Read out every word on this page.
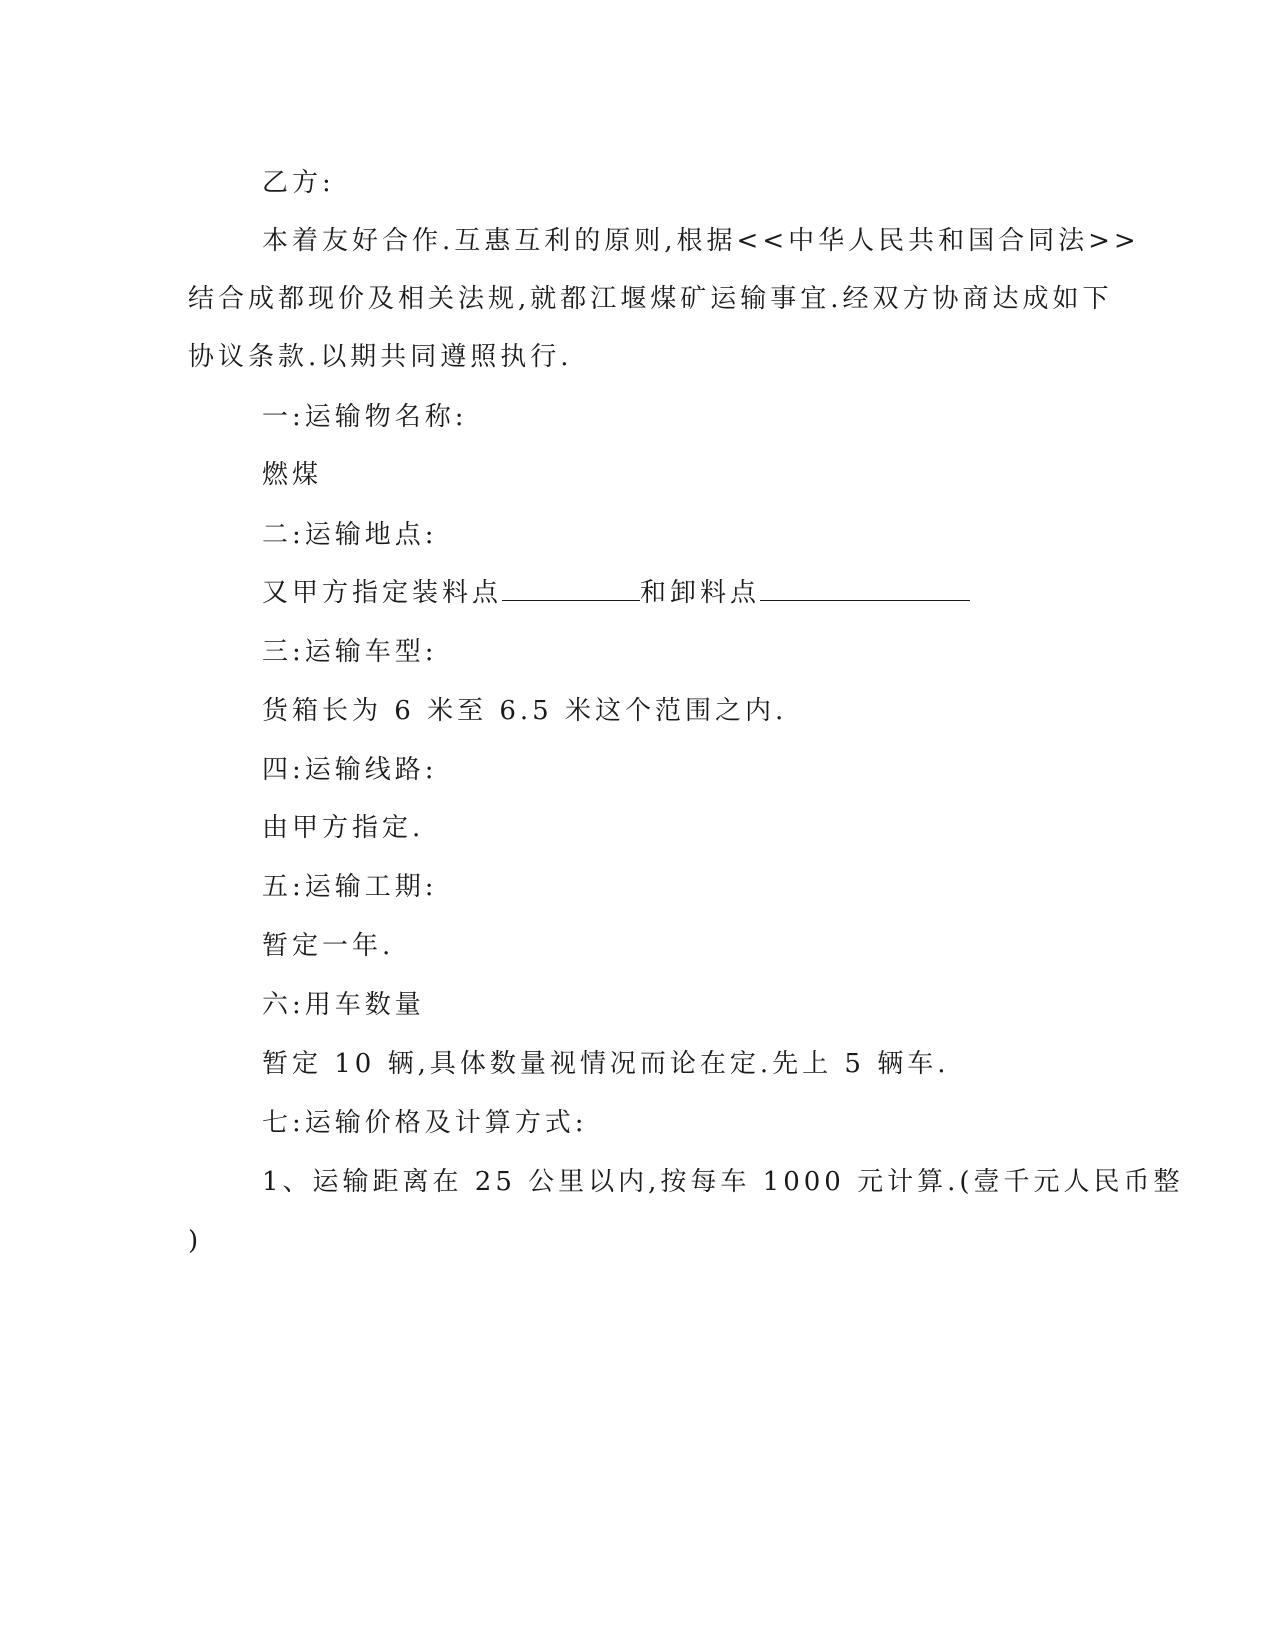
乙方:
本着友好合作.互惠互利的原则,根据<<中华人民共和国合同法>>
结合成都现价及相关法规,就都江堰煤矿运输事宜.经双方协商达成如下
协议条款.以期共同遵照执行.
一:运输物名称:
燃煤
二:运输地点:
又甲方指定装料点	和卸料点
三:运输车型:
货箱长为 6 米至 6.5 米这个范围之内.
四:运输线路:
由甲方指定.
五:运输工期:
暂定一年.
六:用车数量
暂定 10 辆,具体数量视情况而论在定.先上 5 辆车.
七:运输价格及计算方式:
1、运输距离在 25 公里以内,按每车 1000 元计算.(壹千元人民币整
)
